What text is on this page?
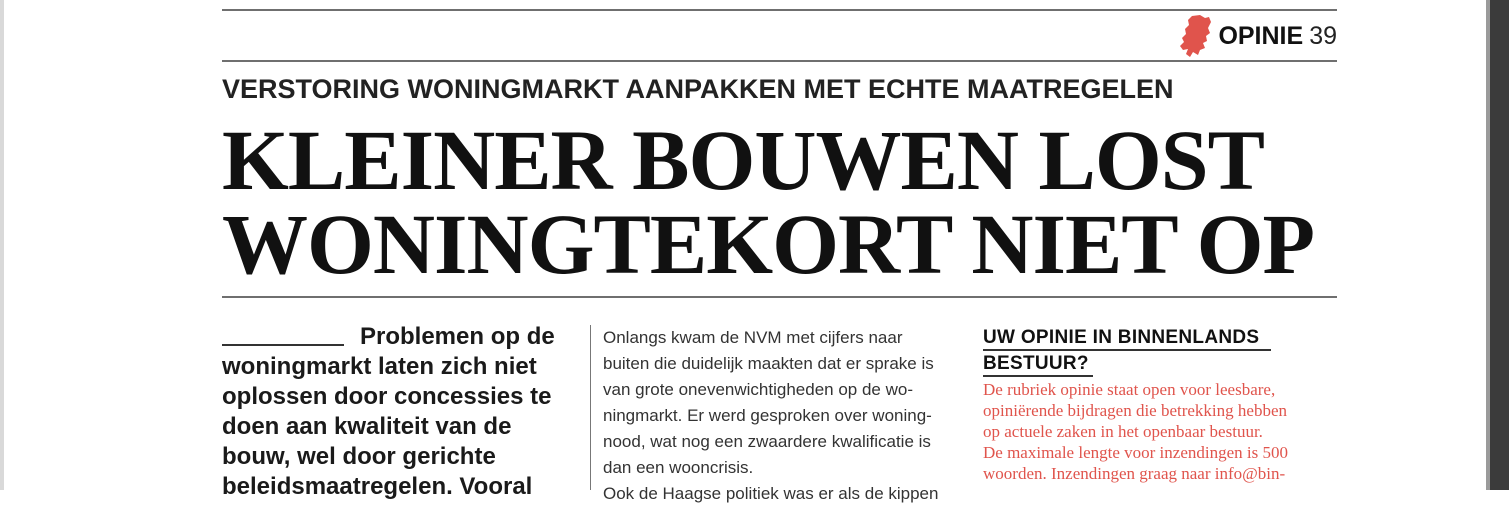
OPINIE 39
VERSTORING WONINGMARKT AANPAKKEN MET ECHTE MAATREGELEN
KLEINER BOUWEN LOST
WONINGTEKORT NIET OP

Problemen op de woningmarkt laten zich niet oplossen door concessies te doen aan kwaliteit van de bouw, wel door gerichte beleidsmaatregelen. Vooral

Onlangs kwam de NVM met cijfers naar
buiten die duidelijk maakten dat er sprake is
van grote onevenwichtigheden op de wo-
ningmarkt. Er werd gesproken over woning-
nood, wat nog een zwaardere kwalificatie is
dan een wooncrisis.
Ook de Haagse politiek was er als de kippen

UW OPINIE IN BINNENLANDS
BESTUUR?

De rubriek opinie staat open voor leesbare,
opiniërende bijdragen die betrekking hebben
op actuele zaken in het openbaar bestuur.
De maximale lengte voor inzendingen is 500
woorden. Inzendingen graag naar info@bin-
